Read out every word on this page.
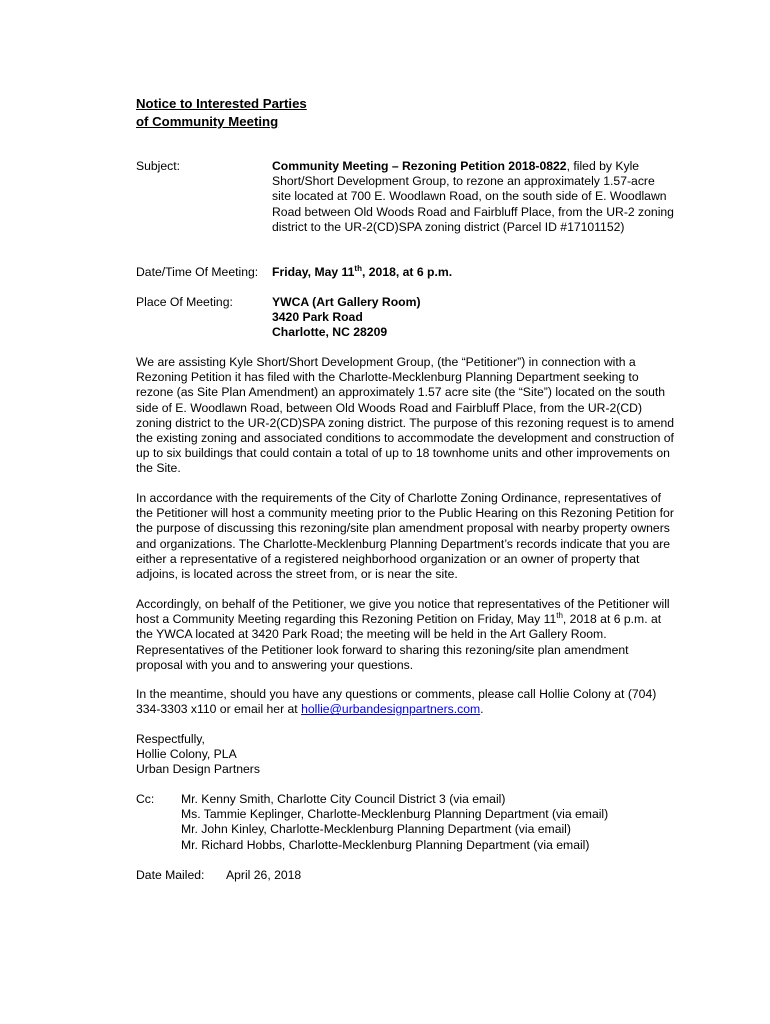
Notice to Interested Parties
of Community Meeting
Subject:	Community Meeting – Rezoning Petition 2018-0822, filed by Kyle Short/Short Development Group, to rezone an approximately 1.57-acre site located at 700 E. Woodlawn Road, on the south side of E. Woodlawn Road between Old Woods Road and Fairbluff Place, from the UR-2 zoning district to the UR-2(CD)SPA zoning district (Parcel ID #17101152)
Date/Time Of Meeting:	Friday, May 11th, 2018, at 6 p.m.
Place Of Meeting:	YWCA (Art Gallery Room)
3420 Park Road
Charlotte, NC 28209
We are assisting Kyle Short/Short Development Group, (the “Petitioner”) in connection with a Rezoning Petition it has filed with the Charlotte-Mecklenburg Planning Department seeking to rezone (as Site Plan Amendment) an approximately 1.57 acre site (the “Site”) located on the south side of E. Woodlawn Road, between Old Woods Road and Fairbluff Place, from the UR-2(CD) zoning district to the UR-2(CD)SPA zoning district. The purpose of this rezoning request is to amend the existing zoning and associated conditions to accommodate the development and construction of up to six buildings that could contain a total of up to 18 townhome units and other improvements on the Site.
In accordance with the requirements of the City of Charlotte Zoning Ordinance, representatives of the Petitioner will host a community meeting prior to the Public Hearing on this Rezoning Petition for the purpose of discussing this rezoning/site plan amendment proposal with nearby property owners and organizations. The Charlotte-Mecklenburg Planning Department’s records indicate that you are either a representative of a registered neighborhood organization or an owner of property that adjoins, is located across the street from, or is near the site.
Accordingly, on behalf of the Petitioner, we give you notice that representatives of the Petitioner will host a Community Meeting regarding this Rezoning Petition on Friday, May 11th, 2018 at 6 p.m. at the YWCA located at 3420 Park Road; the meeting will be held in the Art Gallery Room. Representatives of the Petitioner look forward to sharing this rezoning/site plan amendment proposal with you and to answering your questions.
In the meantime, should you have any questions or comments, please call Hollie Colony at (704) 334-3303 x110 or email her at hollie@urbandesignpartners.com.
Respectfully,
Hollie Colony, PLA
Urban Design Partners
Cc: Mr. Kenny Smith, Charlotte City Council District 3 (via email)
Ms. Tammie Keplinger, Charlotte-Mecklenburg Planning Department (via email)
Mr. John Kinley, Charlotte-Mecklenburg Planning Department (via email)
Mr. Richard Hobbs, Charlotte-Mecklenburg Planning Department (via email)
Date Mailed: April 26, 2018
